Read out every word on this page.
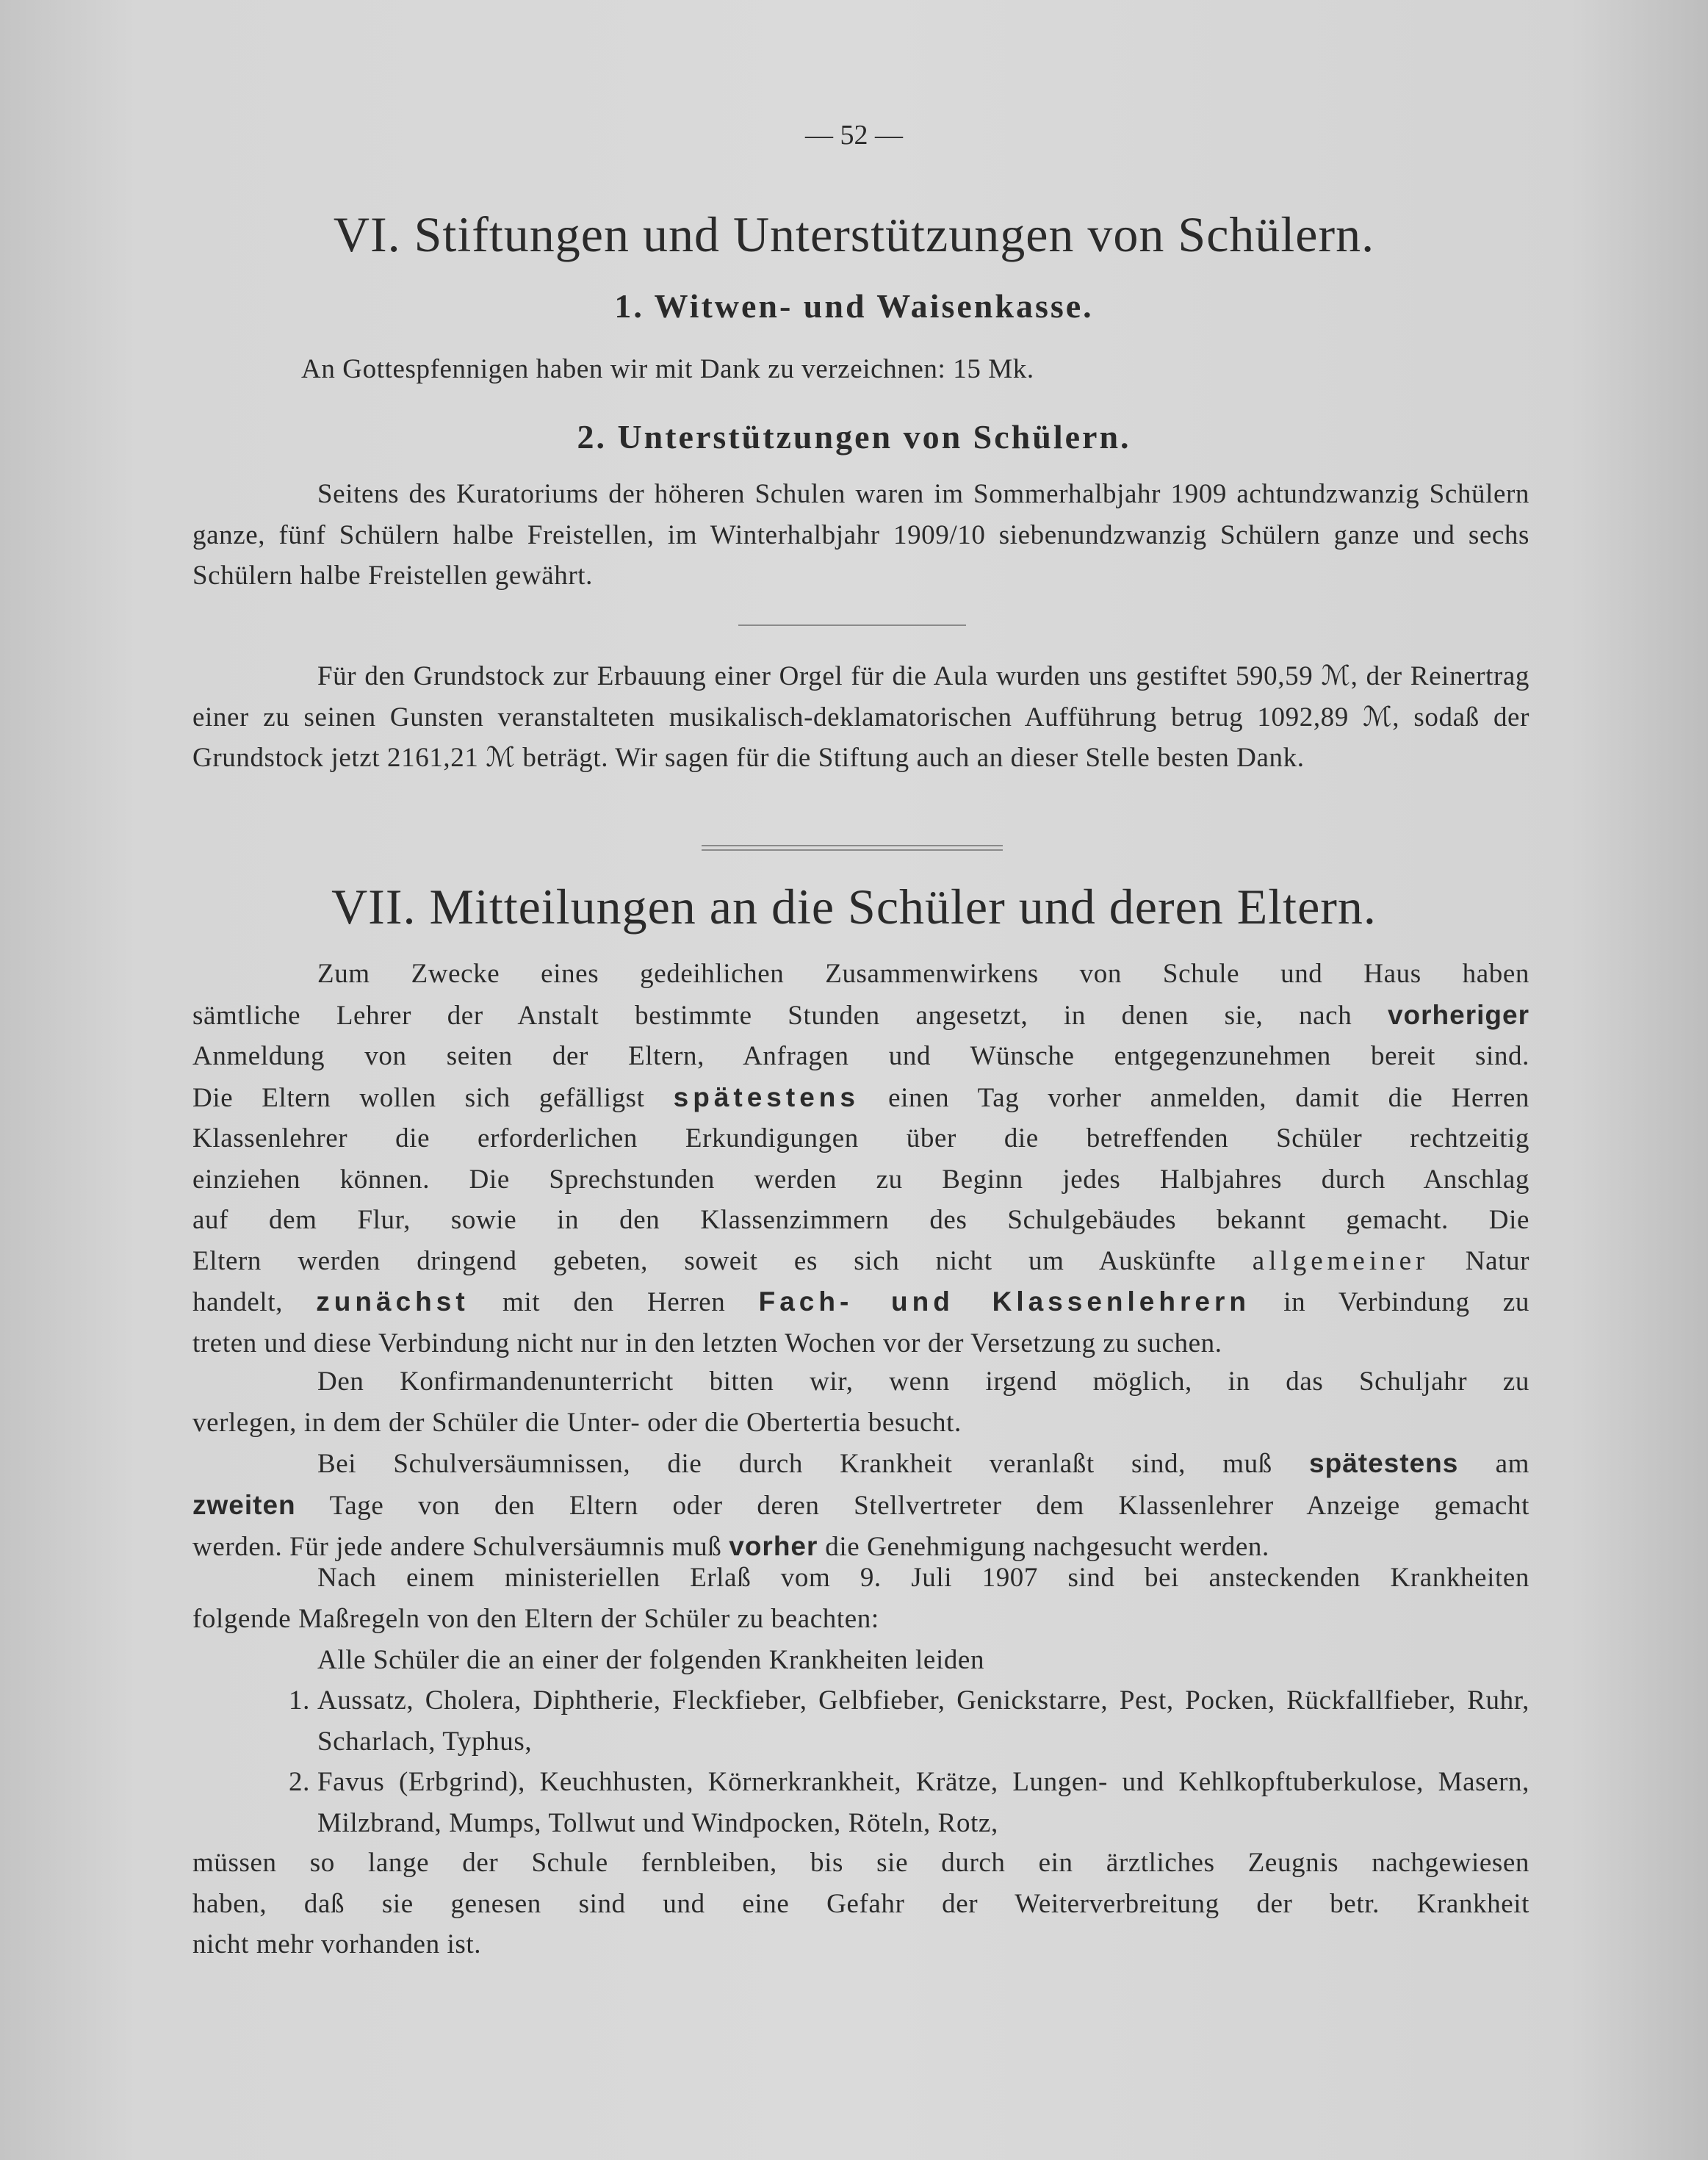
— 52 —
VI. Stiftungen und Unterstützungen von Schülern.
1. Witwen- und Waisenkasse.

An Gottespfennigen haben wir mit Dank zu verzeichnen: 15 Mk.

2. Unterstützungen von Schülern.

Seitens des Kuratoriums der höheren Schulen waren im Sommerhalbjahr 1909 achtundzwanzig Schülern ganze, fünf Schülern halbe Freistellen, im Winterhalbjahr 1909/10 siebenundzwanzig Schülern ganze und sechs Schülern halbe Freistellen gewährt.

Für den Grundstock zur Erbauung einer Orgel für die Aula wurden uns gestiftet 590,59 ℳ, der Reinertrag einer zu seinen Gunsten veranstalteten musikalisch-deklamatorischen Aufführung betrug 1092,89 ℳ, sodaß der Grundstock jetzt 2161,21 ℳ beträgt. Wir sagen für die Stiftung auch an dieser Stelle besten Dank.

VII. Mitteilungen an die Schüler und deren Eltern.
Zum Zwecke eines gedeihlichen Zusammenwirkens von Schule und Haus haben
sämtliche Lehrer der Anstalt bestimmte Stunden angesetzt, in denen sie, nach vorheriger
Anmeldung von seiten der Eltern, Anfragen und Wünsche entgegenzunehmen bereit sind.
Die Eltern wollen sich gefälligst spätestens einen Tag vorher anmelden, damit die Herren
Klassenlehrer die erforderlichen Erkundigungen über die betreffenden Schüler rechtzeitig
einziehen können. Die Sprechstunden werden zu Beginn jedes Halbjahres durch Anschlag
auf dem Flur, sowie in den Klassenzimmern des Schulgebäudes bekannt gemacht. Die
Eltern werden dringend gebeten, soweit es sich nicht um Auskünfte allgemeiner Natur
handelt, zunächst mit den Herren Fach- und Klassenlehrern in Verbindung zu
treten und diese Verbindung nicht nur in den letzten Wochen vor der Versetzung zu suchen.
Den Konfirmandenunterricht bitten wir, wenn irgend möglich, in das Schuljahr zu
verlegen, in dem der Schüler die Unter- oder die Obertertia besucht.
Bei Schulversäumnissen, die durch Krankheit veranlaßt sind, muß spätestens am
zweiten Tage von den Eltern oder deren Stellvertreter dem Klassenlehrer Anzeige gemacht
werden. Für jede andere Schulversäumnis muß vorher die Genehmigung nachgesucht werden.
Nach einem ministeriellen Erlaß vom 9. Juli 1907 sind bei ansteckenden Krankheiten
folgende Maßregeln von den Eltern der Schüler zu beachten:

Alle Schüler die an einer der folgenden Krankheiten leiden

1. Aussatz, Cholera, Diphtherie, Fleckfieber, Gelbfieber, Genickstarre, Pest, Pocken, Rückfallfieber, Ruhr, Scharlach, Typhus,
2. Favus (Erbgrind), Keuchhusten, Körnerkrankheit, Krätze, Lungen- und Kehlkopftuberkulose, Masern, Milzbrand, Mumps, Tollwut und Windpocken, Röteln, Rotz,
müssen so lange der Schule fernbleiben, bis sie durch ein ärztliches Zeugnis nachgewiesen
haben, daß sie genesen sind und eine Gefahr der Weiterverbreitung der betr. Krankheit
nicht mehr vorhanden ist.
